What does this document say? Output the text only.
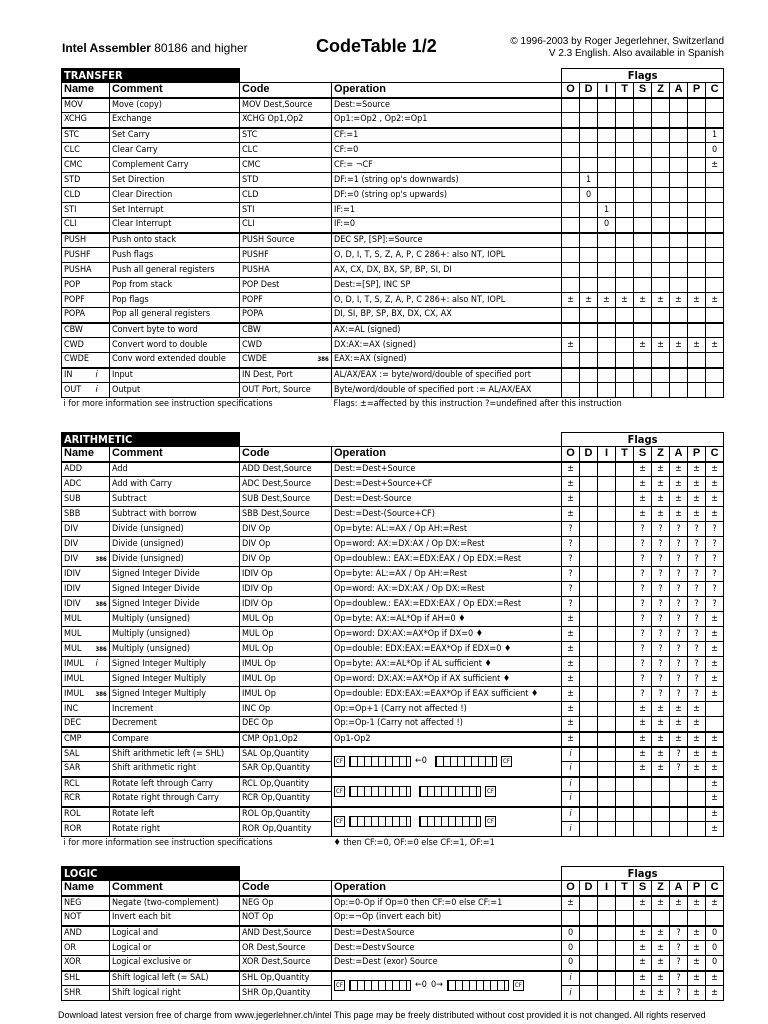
Intel Assembler 80186 and higher	CodeTable 1/2	© 1996-2003 by Roger Jegerlehner, Switzerland
V 2.3 English. Also available in Spanish
TRANSFER						Flags								
Name		Comment	Code		Operation	O	D	I	T	S	Z	A	P	C
MOV		Move (copy)	MOV Dest,Source		Dest:=Source									
XCHG		Exchange	XCHG Op1,Op2		Op1:=Op2 , Op2:=Op1									
STC		Set Carry	STC		CF:=1									1
CLC		Clear Carry	CLC		CF:=0									0
CMC		Complement Carry	CMC		CF:= ¬CF									±
STD		Set Direction	STD		DF:=1 (string op's downwards)		1							
CLD		Clear Direction	CLD		DF:=0 (string op's upwards)		0							
STI		Set Interrupt	STI		IF:=1			1						
CLI		Clear Interrupt	CLI		IF:=0			0						
PUSH		Push onto stack	PUSH Source		DEC SP, [SP]:=Source									
PUSHF		Push flags	PUSHF		O, D, I, T, S, Z, A, P, C 286+: also NT, IOPL									
PUSHA		Push all general registers	PUSHA		AX, CX, DX, BX, SP, BP, SI, DI									
POP		Pop from stack	POP Dest		Dest:=[SP], INC SP									
POPF		Pop flags	POPF		O, D, I, T, S, Z, A, P, C 286+: also NT, IOPL	±	±	±	±	±	±	±	±	±
POPA		Pop all general registers	POPA		DI, SI, BP, SP, BX, DX, CX, AX									
CBW		Convert byte to word	CBW		AX:=AL (signed)									
CWD		Convert word to double	CWD		DX:AX:=AX (signed)	±				±	±	±	±	±
CWDE		Conv word extended double	CWDE	386	EAX:=AX (signed)									
IN	i	Input	IN Dest, Port		AL/AX/EAX := byte/word/double of specified port									
OUT	i	Output	OUT Port, Source		Byte/word/double of specified port := AL/AX/EAX									
i for more information see instruction specifications					Flags: ±=affected by this instruction ?=undefined after this instruction									
ARITHMETIC						Flags								
Name		Comment	Code		Operation	O	D	I	T	S	Z	A	P	C
ADD		Add	ADD Dest,Source		Dest:=Dest+Source	±				±	±	±	±	±
ADC		Add with Carry	ADC Dest,Source		Dest:=Dest+Source+CF	±				±	±	±	±	±
SUB		Subtract	SUB Dest,Source		Dest:=Dest-Source	±				±	±	±	±	±
SBB		Subtract with borrow	SBB Dest,Source		Dest:=Dest-(Source+CF)	±				±	±	±	±	±
DIV		Divide (unsigned)	DIV Op		Op=byte: AL:=AX / Op AH:=Rest	?				?	?	?	?	?
DIV		Divide (unsigned)	DIV Op		Op=word: AX:=DX:AX / Op DX:=Rest	?				?	?	?	?	?
DIV	386	Divide (unsigned)	DIV Op		Op=doublew.: EAX:=EDX:EAX / Op EDX:=Rest	?				?	?	?	?	?
IDIV		Signed Integer Divide	IDIV Op		Op=byte: AL:=AX / Op AH:=Rest	?				?	?	?	?	?
IDIV		Signed Integer Divide	IDIV Op		Op=word: AX:=DX:AX / Op DX:=Rest	?				?	?	?	?	?
IDIV	386	Signed Integer Divide	IDIV Op		Op=doublew.: EAX:=EDX:EAX / Op EDX:=Rest	?				?	?	?	?	?
MUL		Multiply (unsigned)	MUL Op		Op=byte: AX:=AL*Op if AH=0 ♦	±				?	?	?	?	±
MUL		Multiply (unsigned)	MUL Op		Op=word: DX:AX:=AX*Op if DX=0 ♦	±				?	?	?	?	±
MUL	386	Multiply (unsigned)	MUL Op		Op=double: EDX:EAX:=EAX*Op if EDX=0 ♦	±				?	?	?	?	±
IMUL	i	Signed Integer Multiply	IMUL Op		Op=byte: AX:=AL*Op if AL sufficient ♦	±				?	?	?	?	±
IMUL		Signed Integer Multiply	IMUL Op		Op=word: DX:AX:=AX*Op if AX sufficient ♦	±				?	?	?	?	±
IMUL	386	Signed Integer Multiply	IMUL Op		Op=double: EDX:EAX:=EAX*Op if EAX sufficient ♦	±				?	?	?	?	±
INC		Increment	INC Op		Op:=Op+1 (Carry not affected !)	±				±	±	±	±	
DEC		Decrement	DEC Op		Op:=Op-1 (Carry not affected !)	±				±	±	±	±	
CMP		Compare	CMP Op1,Op2		Op1-Op2	±				±	±	±	±	±
SAL		Shift arithmetic left (= SHL)	SAL Op,Quantity		CF ←0 CF	i				±	±	?	±	±
SAR		Shift arithmetic right	SAR Op,Quantity			i				±	±	?	±	±
RCL		Rotate left through Carry	RCL Op,Quantity		CF CF	i								±
RCR		Rotate right through Carry	RCR Op,Quantity			i								±
ROL		Rotate left	ROL Op,Quantity		CF CF	i								±
ROR		Rotate right	ROR Op,Quantity			i								±
i for more information see instruction specifications					♦ then CF:=0, OF:=0 else CF:=1, OF:=1									
LOGIC						Flags								
Name		Comment	Code		Operation	O	D	I	T	S	Z	A	P	C
NEG		Negate (two-complement)	NEG Op		Op:=0-Op if Op=0 then CF:=0 else CF:=1	±				±	±	±	±	±
NOT		Invert each bit	NOT Op		Op:=¬Op (invert each bit)									
AND		Logical and	AND Dest,Source		Dest:=Dest∧Source	0				±	±	?	±	0
OR		Logical or	OR Dest,Source		Dest:=Dest∨Source	0				±	±	?	±	0
XOR		Logical exclusive or	XOR Dest,Source		Dest:=Dest (exor) Source	0				±	±	?	±	0
SHL		Shift logical left (= SAL)	SHL Op,Quantity		CF ←0 0→ CF	i				±	±	?	±	±
SHR		Shift logical right	SHR Op,Quantity			i				±	±	?	±	±
Download latest version free of charge from www.jegerlehner.ch/intel This page may be freely distributed without cost provided it is not changed. All rights reserved
